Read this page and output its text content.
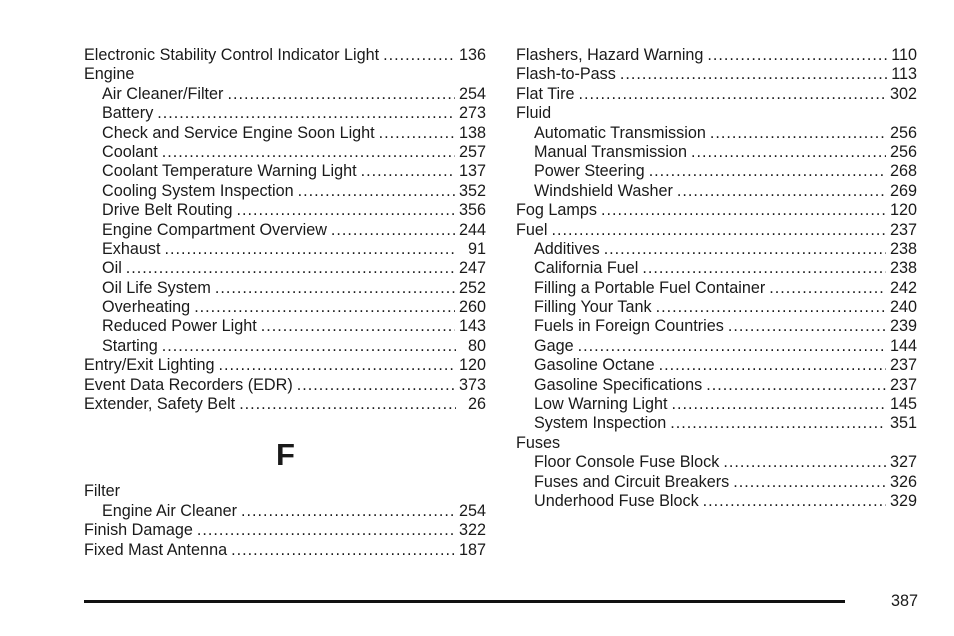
Electronic Stability Control Indicator Light .....	136
Engine
Air Cleaner/Filter .....	254
Battery .....	273
Check and Service Engine Soon Light .....	138
Coolant .....	257
Coolant Temperature Warning Light .....	137
Cooling System Inspection .....	352
Drive Belt Routing .....	356
Engine Compartment Overview .....	244
Exhaust .....	91
Oil .....	247
Oil Life System .....	252
Overheating .....	260
Reduced Power Light .....	143
Starting .....	80
Entry/Exit Lighting .....	120
Event Data Recorders (EDR) .....	373
Extender, Safety Belt .....	26
F
Filter
Engine Air Cleaner .....	254
Finish Damage .....	322
Fixed Mast Antenna .....	187
Flashers, Hazard Warning .....	110
Flash-to-Pass .....	113
Flat Tire .....	302
Fluid
Automatic Transmission .....	256
Manual Transmission .....	256
Power Steering .....	268
Windshield Washer .....	269
Fog Lamps .....	120
Fuel .....	237
Additives .....	238
California Fuel .....	238
Filling a Portable Fuel Container .....	242
Filling Your Tank .....	240
Fuels in Foreign Countries .....	239
Gage .....	144
Gasoline Octane .....	237
Gasoline Specifications .....	237
Low Warning Light .....	145
System Inspection .....	351
Fuses
Floor Console Fuse Block .....	327
Fuses and Circuit Breakers .....	326
Underhood Fuse Block .....	329
387
